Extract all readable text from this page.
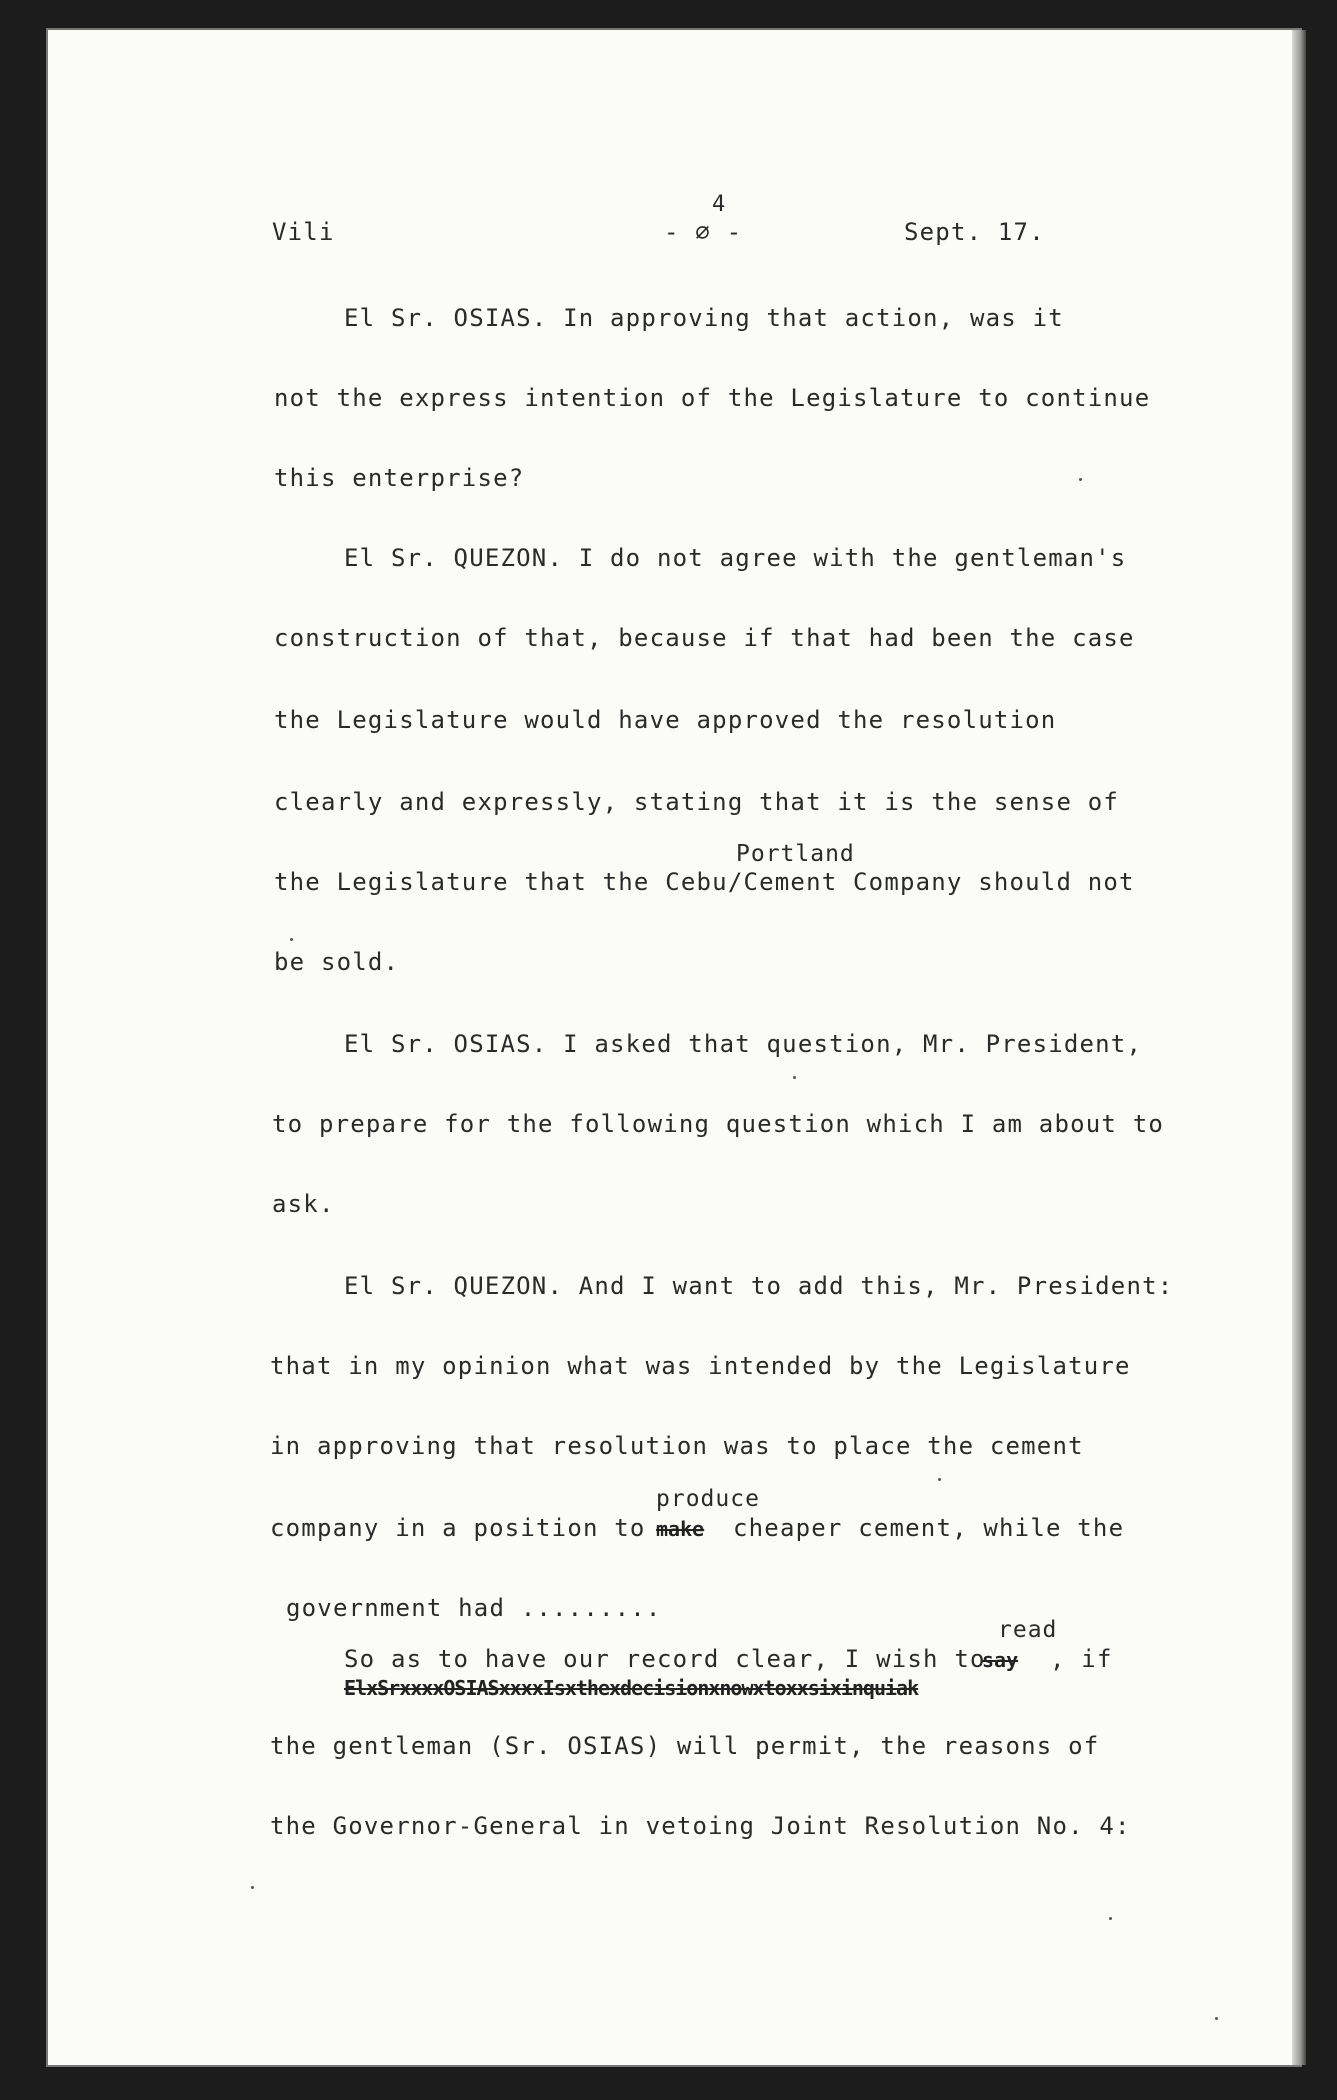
Vili
4
- ∅ -	Sept. 17.
El Sr. OSIAS. In approving that action, was it
not the express intention of the Legislature to continue
this enterprise?
El Sr. QUEZON. I do not agree with the gentleman's
construction of that, because if that had been the case
the Legislature would have approved the resolution
clearly and expressly, stating that it is the sense of
Portland
the Legislature that the Cebu/Cement Company should not
be sold.
El Sr. OSIAS. I asked that question, Mr. President,
to prepare for the following question which I am about to
ask.
El Sr. QUEZON. And I want to add this, Mr. President:
that in my opinion what was intended by the Legislature
in approving that resolution was to place the cement
produce
company in a position to make cheaper cement, while the
government had .........
read
So as to have our record clear, I wish to
say , if
ElxSrxxxxOSIASxxxxIsxthexdecisionxnowxtoxxsixinquiak
the gentleman (Sr. OSIAS) will permit, the reasons of
the Governor-General in vetoing Joint Resolution No. 4:
